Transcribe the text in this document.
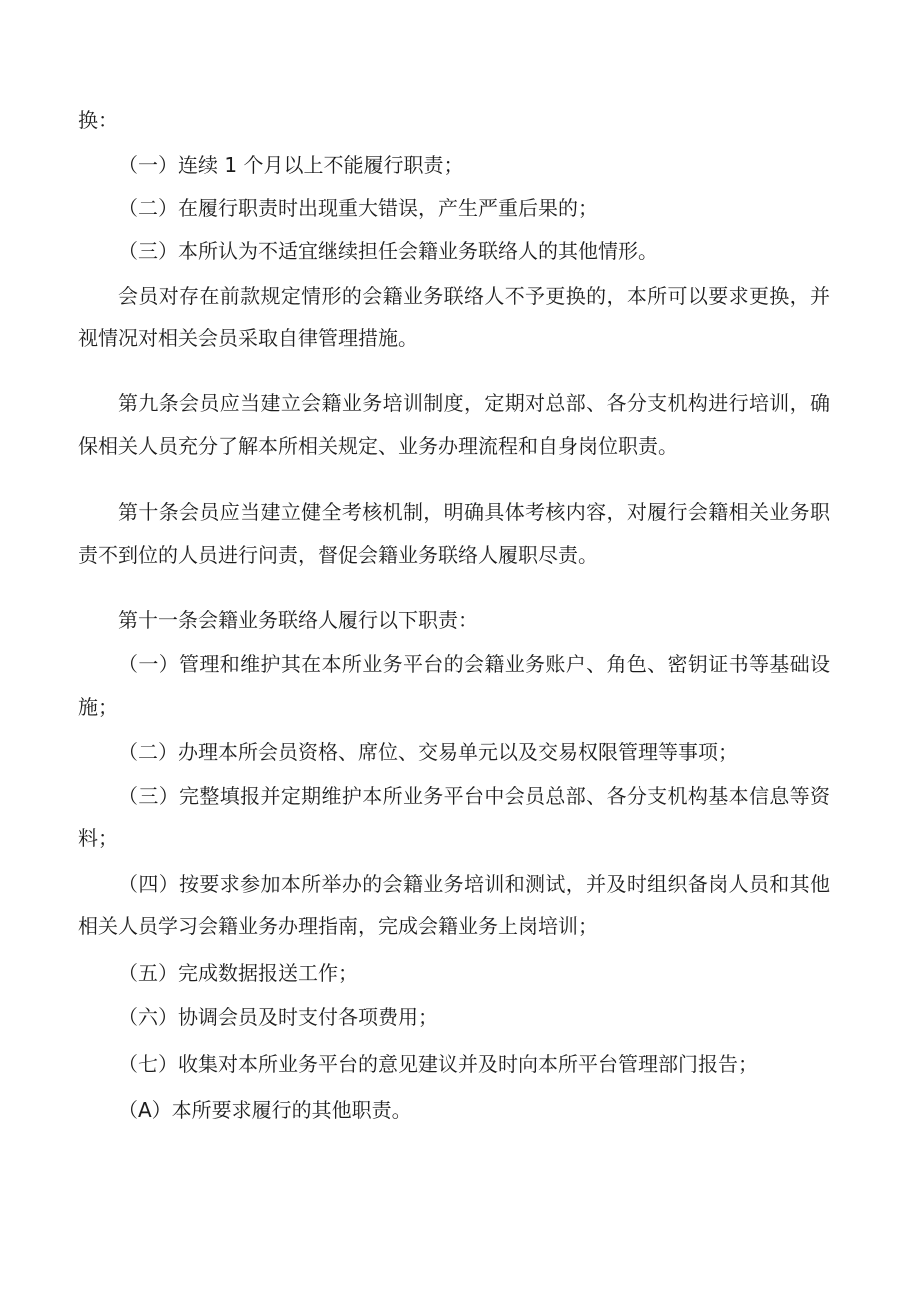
换：
（一）连续 1 个月以上不能履行职责；
（二）在履行职责时出现重大错误，产生严重后果的；
（三）本所认为不适宜继续担任会籍业务联络人的其他情形。
会员对存在前款规定情形的会籍业务联络人不予更换的，本所可以要求更换，并
视情况对相关会员采取自律管理措施。
第九条会员应当建立会籍业务培训制度，定期对总部、各分支机构进行培训，确
保相关人员充分了解本所相关规定、业务办理流程和自身岗位职责。
第十条会员应当建立健全考核机制，明确具体考核内容，对履行会籍相关业务职
责不到位的人员进行问责，督促会籍业务联络人履职尽责。
第十一条会籍业务联络人履行以下职责：
（一）管理和维护其在本所业务平台的会籍业务账户、角色、密钥证书等基础设
施；
（二）办理本所会员资格、席位、交易单元以及交易权限管理等事项；
（三）完整填报并定期维护本所业务平台中会员总部、各分支机构基本信息等资
料；
（四）按要求参加本所举办的会籍业务培训和测试，并及时组织备岗人员和其他
相关人员学习会籍业务办理指南，完成会籍业务上岗培训；
（五）完成数据报送工作；
（六）协调会员及时支付各项费用；
（七）收集对本所业务平台的意见建议并及时向本所平台管理部门报告；
（A）本所要求履行的其他职责。
